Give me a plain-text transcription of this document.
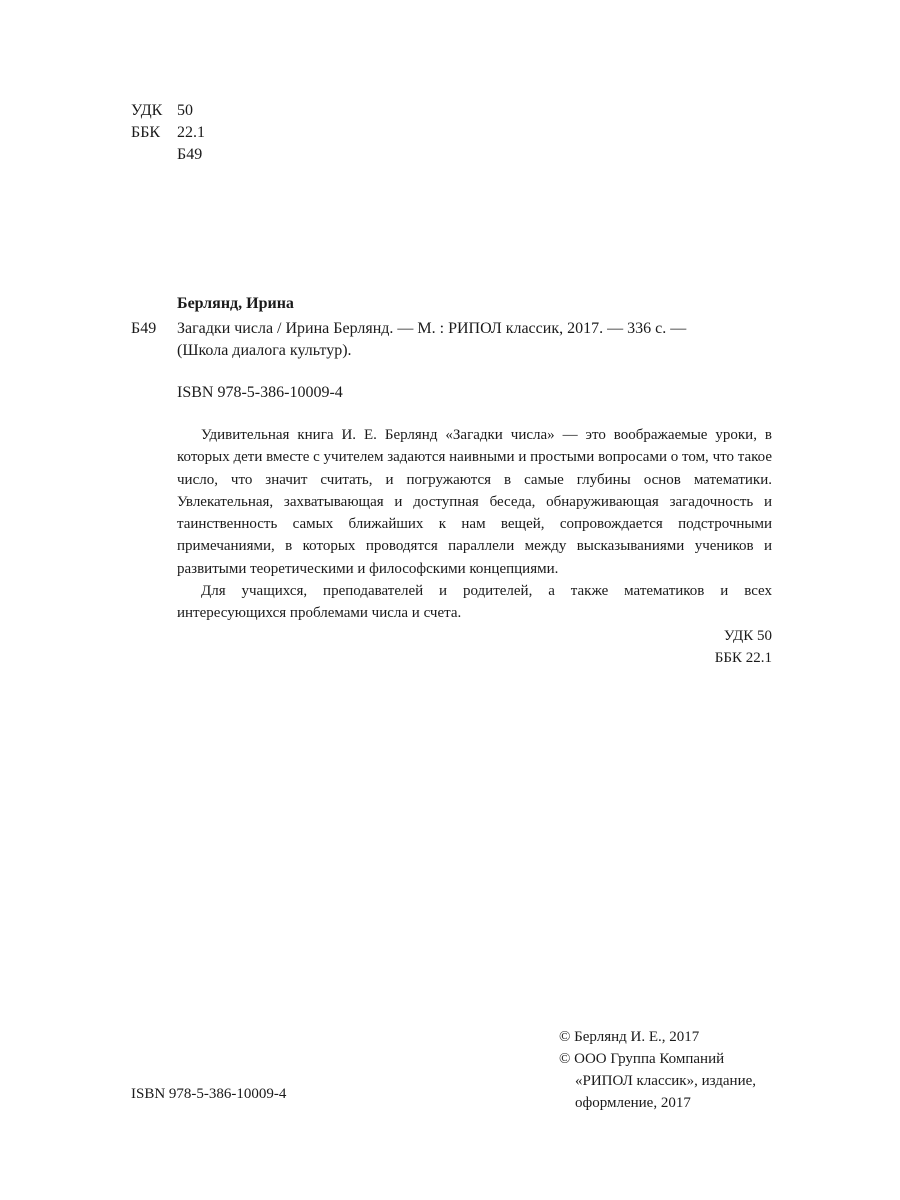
УДК 50
ББК 22.1
Б49
Берлянд, Ирина
Б49 Загадки числа / Ирина Берлянд. — М. : РИПОЛ классик, 2017. — 336 с. —
(Школа диалога культур).
ISBN 978-5-386-10009-4
Удивительная книга И. Е. Берлянд «Загадки числа» — это воображаемые уроки, в которых дети вместе с учителем задаются наивными и простыми вопросами о том, что такое число, что значит считать, и погружаются в самые глубины основ математики. Увлекательная, захватывающая и доступная беседа, обнаруживающая загадочность и таинственность самых ближайших к нам вещей, сопровождается подстрочными примечаниями, в которых проводятся параллели между высказываниями учеников и развитыми теоретическими и философскими концепциями.
Для учащихся, преподавателей и родителей, а также математиков и всех интересующихся проблемами числа и счета.
УДК 50
ББК 22.1
ISBN 978-5-386-10009-4
© Берлянд И. Е., 2017
© ООО Группа Компаний
«РИПОЛ классик», издание,
оформление, 2017
